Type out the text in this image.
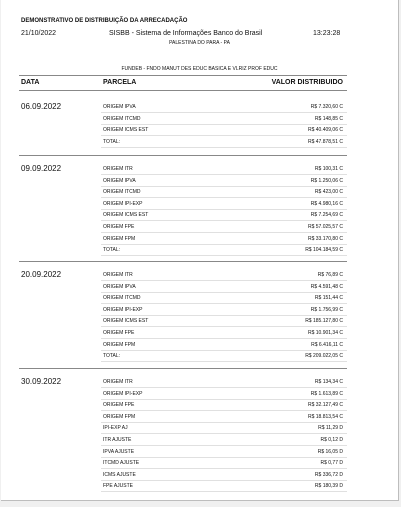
DEMONSTRATIVO DE DISTRIBUIÇÃO DA ARRECADAÇÃO
21/10/2022	SISBB - Sistema de Informações Banco do Brasil	13:23:28
PALESTINA DO PARA - PA
FUNDEB - FNDO MANUT DES EDUC BASICA E VLRIZ PROF EDUC
DATA	PARCELA	VALOR DISTRIBUIDO
06.09.2022	ORIGEM IPVA	R$ 7.320,60 C
ORIGEM ITCMD	R$ 148,85 C
ORIGEM ICMS EST	R$ 40.409,06 C
TOTAL:	R$ 47.878,51 C
09.09.2022	ORIGEM ITR	R$ 100,31 C
ORIGEM IPVA	R$ 1.250,06 C
ORIGEM ITCMD	R$ 423,00 C
ORIGEM IPI-EXP	R$ 4.980,16 C
ORIGEM ICMS EST	R$ 7.254,69 C
ORIGEM FPE	R$ 57.025,57 C
ORIGEM FPM	R$ 33.170,80 C
TOTAL:	R$ 104.184,59 C
20.09.2022	ORIGEM ITR	R$ 76,89 C
ORIGEM IPVA	R$ 4.591,48 C
ORIGEM ITCMD	R$ 151,44 C
ORIGEM IPI-EXP	R$ 1.756,99 C
ORIGEM ICMS EST	R$ 185.127,80 C
ORIGEM FPE	R$ 10.901,34 C
ORIGEM FPM	R$ 6.416,11 C
TOTAL:	R$ 209.022,05 C
30.09.2022	ORIGEM ITR	R$ 134,34 C
ORIGEM IPI-EXP	R$ 1.613,89 C
ORIGEM FPE	R$ 32.127,49 C
ORIGEM FPM	R$ 18.813,54 C
IPI-EXP AJ	R$ 11,29 D
ITR AJUSTE	R$ 0,12 D
IPVA AJUSTE	R$ 16,05 D
ITCMD AJUSTE	R$ 0,77 D
ICMS AJUSTE	R$ 336,72 D
FPE AJUSTE	R$ 180,39 D
